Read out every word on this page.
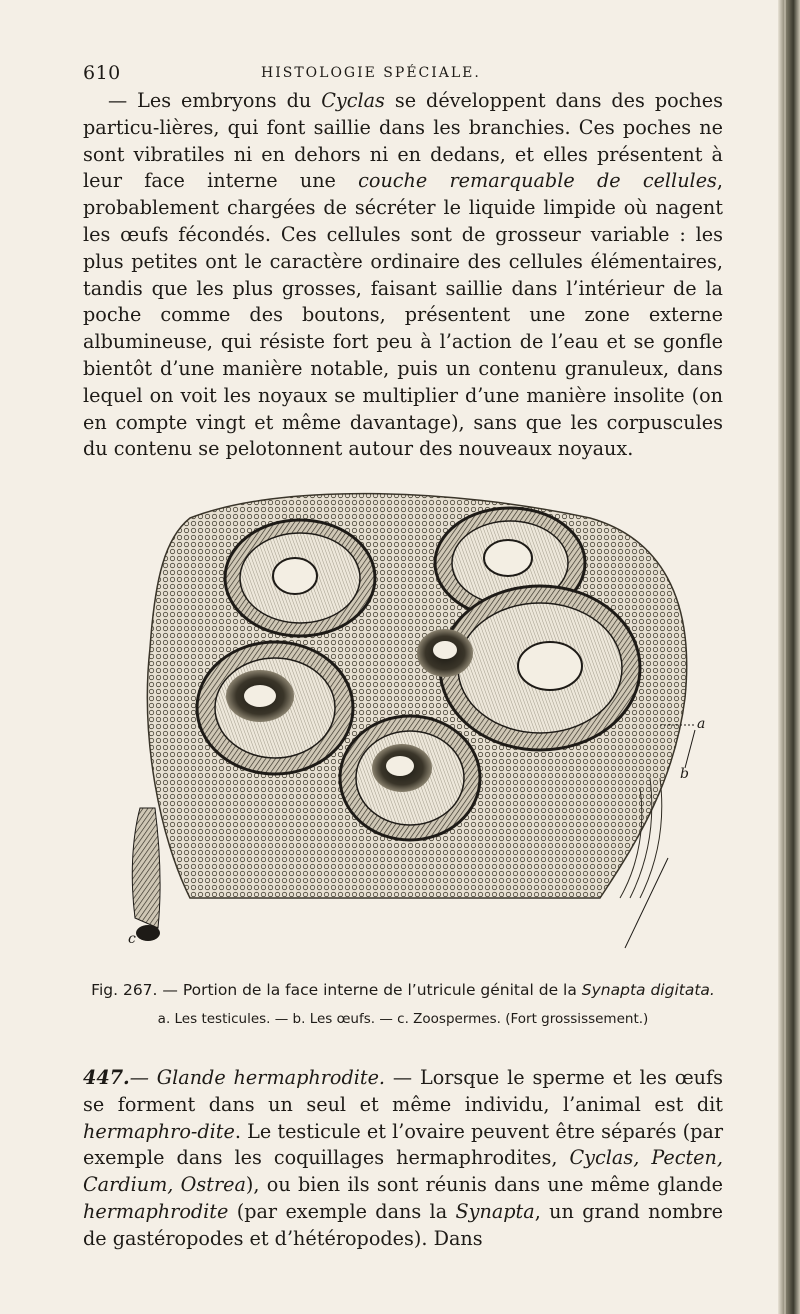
610	HISTOLOGIE SPÉCIALE.

— Les embryons du Cyclas se développent dans des poches particu-lières, qui font saillie dans les branchies. Ces poches ne sont vibratiles ni en dehors ni en dedans, et elles présentent à leur face interne une couche remarquable de cellules, probablement chargées de sécréter le liquide limpide où nagent les œufs fécondés. Ces cellules sont de grosseur variable : les plus petites ont le caractère ordinaire des cellules élémentaires, tandis que les plus grosses, faisant saillie dans l’intérieur de la poche comme des boutons, présentent une zone externe albumineuse, qui résiste fort peu à l’action de l’eau et se gonfle bientôt d’une manière notable, puis un contenu granuleux, dans lequel on voit les noyaux se multiplier d’une manière insolite (on en compte vingt et même davantage), sans que les corpuscules du contenu se pelotonnent autour des nouveaux noyaux.

a
b
c
Fig. 267. — Portion de la face interne de l’utricule génital de la Synapta digitata.
a. Les testicules. — b. Les œufs. — c. Zoospermes. (Fort grossissement.)

447.— Glande hermaphrodite. — Lorsque le sperme et les œufs se forment dans un seul et même individu, l’animal est dit hermaphro-dite. Le testicule et l’ovaire peuvent être séparés (par exemple dans les coquillages hermaphrodites, Cyclas, Pecten, Cardium, Ostrea), ou bien ils sont réunis dans une même glande hermaphrodite (par exemple dans la Synapta, un grand nombre de gastéropodes et d’hétéropodes). Dans
